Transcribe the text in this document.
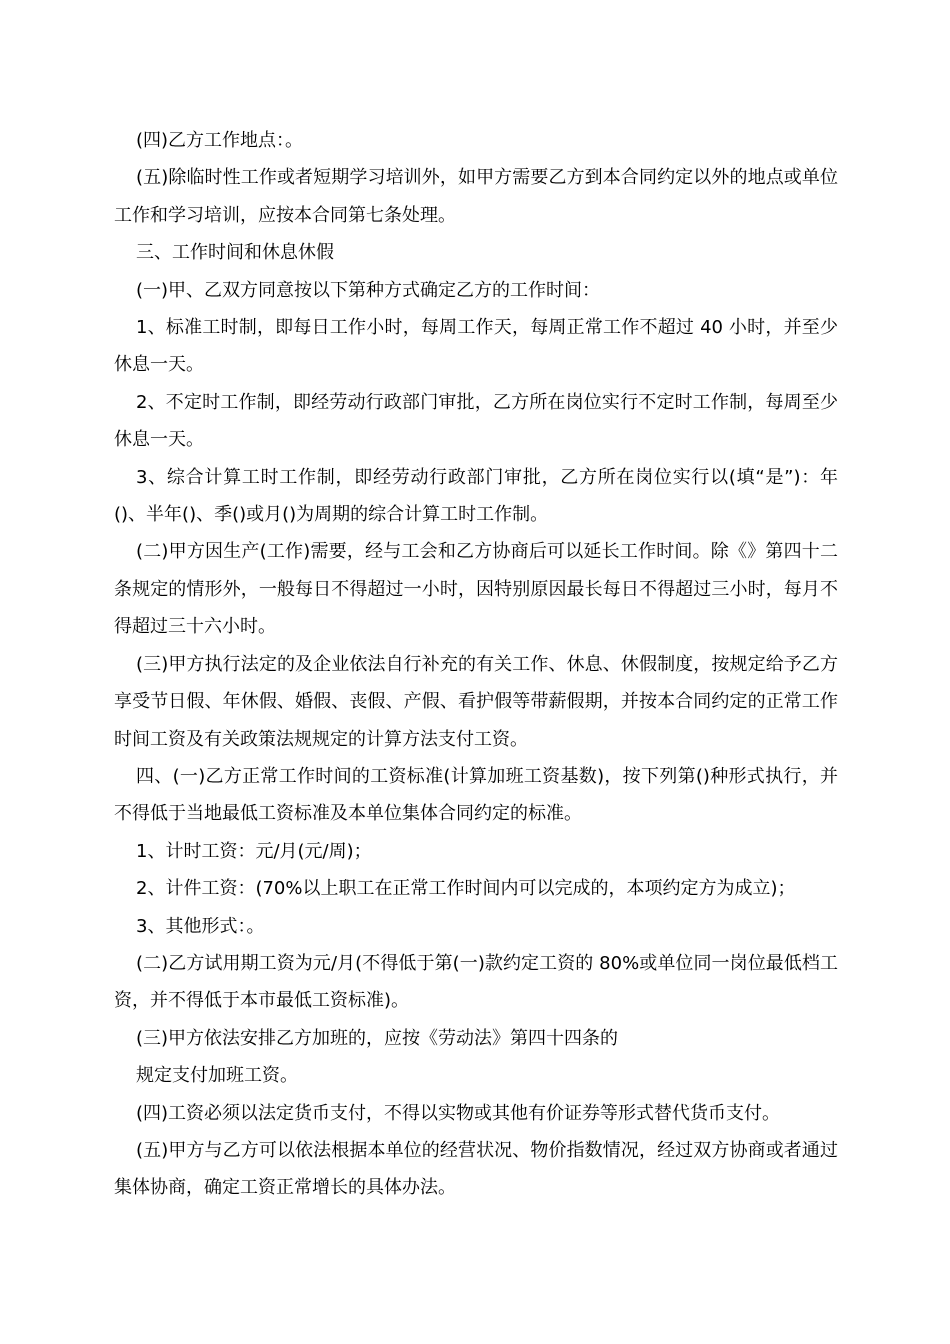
(四)乙方工作地点：。

(五)除临时性工作或者短期学习培训外，如甲方需要乙方到本合同约定以外的地点或单位工作和学习培训，应按本合同第七条处理。

三、工作时间和休息休假

(一)甲、乙双方同意按以下第种方式确定乙方的工作时间：

1、标准工时制，即每日工作小时，每周工作天，每周正常工作不超过 40 小时，并至少休息一天。

2、不定时工作制，即经劳动行政部门审批，乙方所在岗位实行不定时工作制，每周至少休息一天。

3、综合计算工时工作制，即经劳动行政部门审批，乙方所在岗位实行以(填“是”)：年()、半年()、季()或月()为周期的综合计算工时工作制。

(二)甲方因生产(工作)需要，经与工会和乙方协商后可以延长工作时间。除《》第四十二条规定的情形外，一般每日不得超过一小时，因特别原因最长每日不得超过三小时，每月不得超过三十六小时。

(三)甲方执行法定的及企业依法自行补充的有关工作、休息、休假制度，按规定给予乙方享受节日假、年休假、婚假、丧假、产假、看护假等带薪假期，并按本合同约定的正常工作时间工资及有关政策法规规定的计算方法支付工资。

四、(一)乙方正常工作时间的工资标准(计算加班工资基数)，按下列第()种形式执行，并不得低于当地最低工资标准及本单位集体合同约定的标准。

1、计时工资：元/月(元/周)；

2、计件工资：(70%以上职工在正常工作时间内可以完成的，本项约定方为成立)；

3、其他形式：。

(二)乙方试用期工资为元/月(不得低于第(一)款约定工资的 80%或单位同一岗位最低档工资，并不得低于本市最低工资标准)。

(三)甲方依法安排乙方加班的，应按《劳动法》第四十四条的

规定支付加班工资。

(四)工资必须以法定货币支付，不得以实物或其他有价证券等形式替代货币支付。

(五)甲方与乙方可以依法根据本单位的经营状况、物价指数情况，经过双方协商或者通过集体协商，确定工资正常增长的具体办法。
